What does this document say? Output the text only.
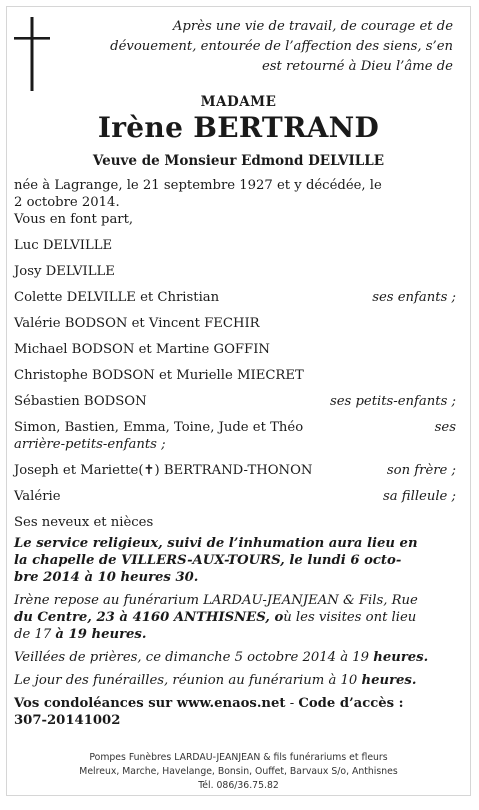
Après une vie de travail, de courage et de
dévouement, entourée de l’affection des siens, s’en
est retourné à Dieu l’âme de
MADAME
Irène BERTRAND
Veuve de Monsieur Edmond DELVILLE
née à Lagrange, le 21 septembre 1927 et y décédée, le
2 octobre 2014.
Vous en font part,
Luc DELVILLE
Josy DELVILLE
Colette DELVILLE et Christian	ses enfants ;
Valérie BODSON et Vincent FECHIR
Michael BODSON et Martine GOFFIN
Christophe BODSON et Murielle MIECRET
Sébastien BODSON	ses petits-enfants ;
Simon, Bastien, Emma, Toine, Jude et Théo	ses
arrière-petits-enfants ;
Joseph et Mariette(✝) BERTRAND-THONON	son frère ;
Valérie	sa filleule ;
Ses neveux et nièces
Le service religieux, suivi de l’inhumation aura lieu en
la chapelle de VILLERS-AUX-TOURS, le lundi 6 octo-
bre 2014 à 10 heures 30.
Irène repose au funérarium LARDAU-JEANJEAN & Fils, Rue
du Centre, 23 à 4160 ANTHISNES, où les visites ont lieu
de 17 à 19 heures.
Veillées de prières, ce dimanche 5 octobre 2014 à 19 heures.
Le jour des funérailles, réunion au funérarium à 10 heures.
Vos condoléances sur www.enaos.net - Code d’accès :
307-20141002
Pompes Funèbres LARDAU-JEANJEAN & fils funérariums et fleurs
Melreux, Marche, Havelange, Bonsin, Ouffet, Barvaux S/o, Anthisnes
Tél. 086/36.75.82
